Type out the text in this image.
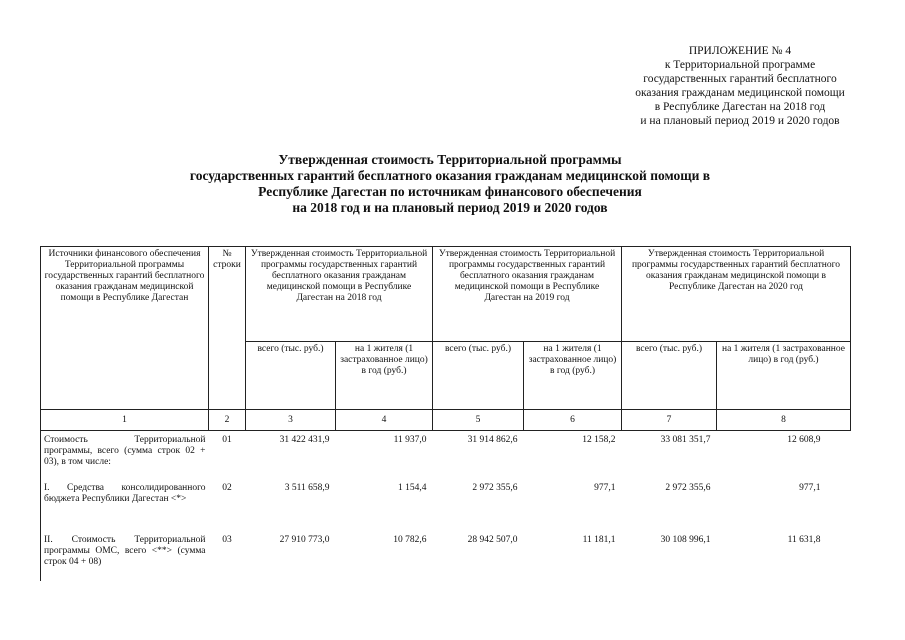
ПРИЛОЖЕНИЕ № 4
к Территориальной программе
государственных гарантий бесплатного
оказания гражданам медицинской помощи
в Республике Дагестан на 2018 год
и на плановый период 2019 и 2020 годов
Утвержденная стоимость Территориальной программы
государственных гарантий бесплатного оказания гражданам медицинской помощи в
Республике Дагестан по источникам финансового обеспечения
на 2018 год и на плановый период 2019 и 2020 годов
Источники финансового обеспечения Территориальной программы государственных гарантий бесплатного оказания гражданам медицинской помощи в Республике Дагестан	№ строки	Утвержденная стоимость Территориальной программы государственных гарантий бесплатного оказания гражданам медицинской помощи в Республике Дагестан на 2018 год		Утвержденная стоимость Территориальной программы государственных гарантий бесплатного оказания гражданам медицинской помощи в Республике Дагестан на 2019 год		Утвержденная стоимость Территориальной программы государственных гарантий бесплатного оказания гражданам медицинской помощи в Республике Дагестан на 2020 год	
		всего (тыс. руб.)	на 1 жителя (1 застрахованное лицо) в год (руб.)	всего (тыс. руб.)	на 1 жителя (1 застрахованное лицо) в год (руб.)	всего (тыс. руб.)	на 1 жителя (1 застрахованное лицо) в год (руб.)
1	2	3	4	5	6	7	8
Стоимость Территориальной программы, всего (сумма строк 02 + 03), в том числе:	01	31 422 431,9	11 937,0	31 914 862,6	12 158,2	33 081 351,7	12 608,9
I. Средства консолидированного бюджета Республики Дагестан <*>	02	3 511 658,9	1 154,4	2 972 355,6	977,1	2 972 355,6	977,1
II. Стоимость Территориальной программы ОМС, всего <**> (сумма строк 04 + 08)	03	27 910 773,0	10 782,6	28 942 507,0	11 181,1	30 108 996,1	11 631,8
